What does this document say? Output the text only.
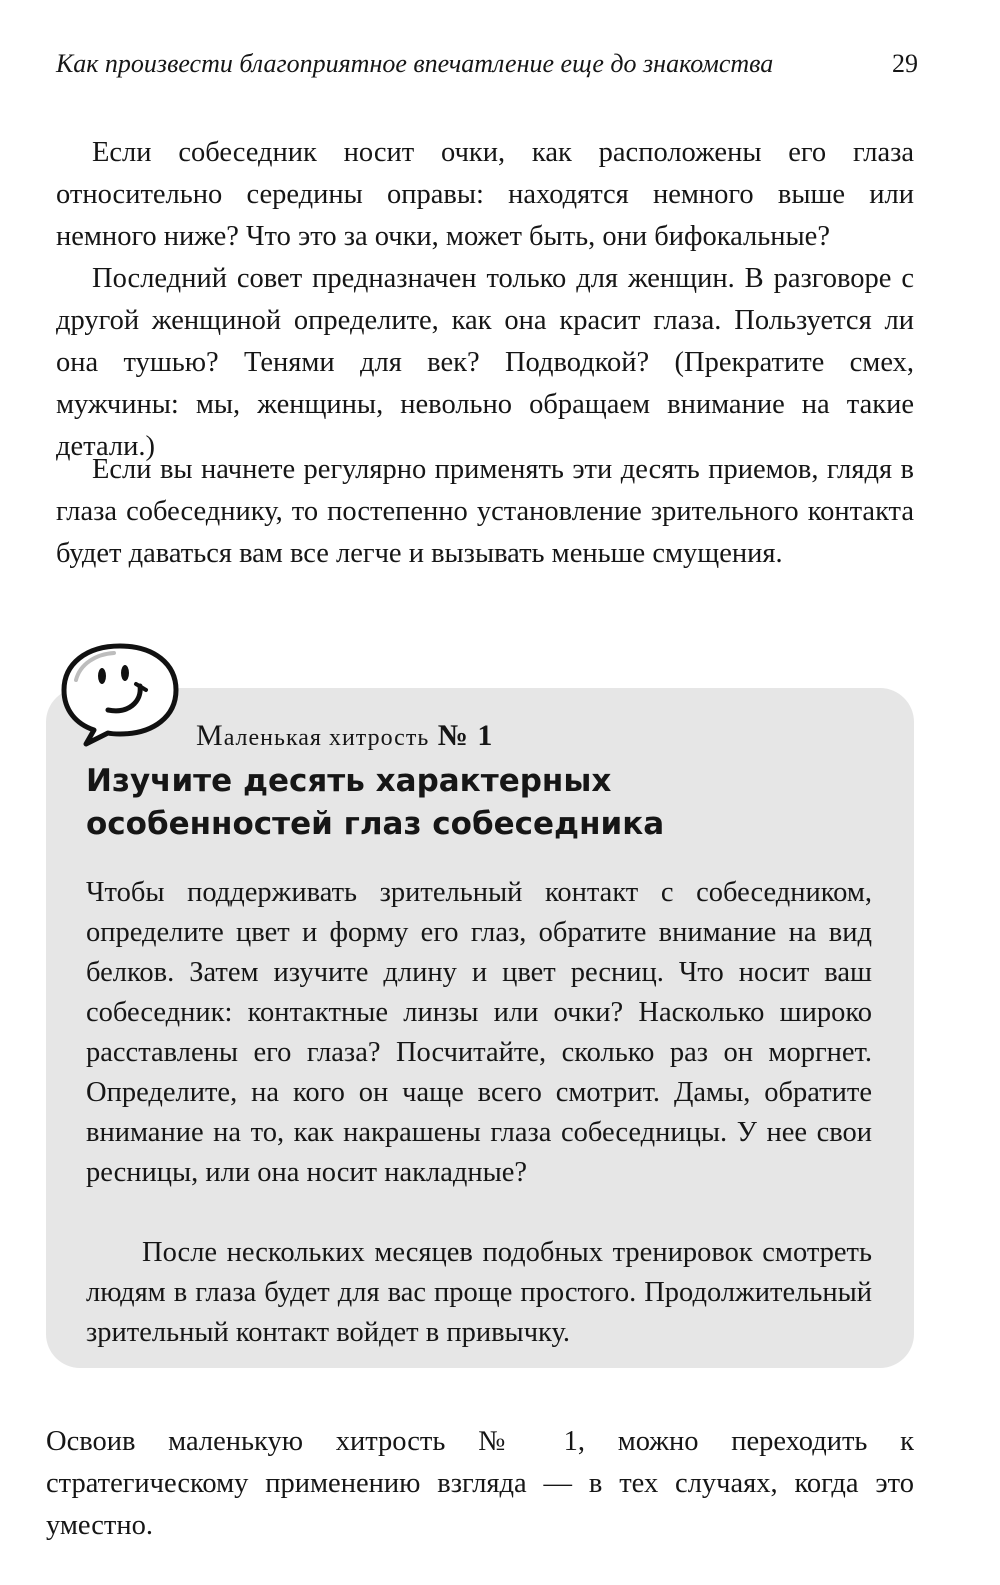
Как произвести благоприятное впечатление еще до знакомства	29

Если собеседник носит очки, как расположены его глаза относительно середины оправы: находятся немного выше или немного ниже? Что это за очки, может быть, они бифокальные?

Последний совет предназначен только для женщин. В разговоре с другой женщиной определите, как она красит глаза. Пользуется ли она тушью? Тенями для век? Подводкой? (Прекратите смех, мужчины: мы, женщины, невольно обращаем внимание на такие детали.)

Если вы начнете регулярно применять эти десять приемов, глядя в глаза собеседнику, то постепенно установление зрительного контакта будет даваться вам все легче и вызывать меньше смущения.

Маленькая хитрость № 1
Изучите десять характерных
особенностей глаз собеседника

Чтобы поддерживать зрительный контакт с собеседником, определите цвет и форму его глаз, обратите внимание на вид белков. Затем изучите длину и цвет ресниц. Что носит ваш собеседник: контактные линзы или очки? Насколько широко расставлены его глаза? Посчитайте, сколько раз он моргнет. Определите, на кого он чаще всего смотрит. Дамы, обратите внимание на то, как накрашены глаза собеседницы. У нее свои ресницы, или она носит накладные?

После нескольких месяцев подобных тренировок смотреть людям в глаза будет для вас проще простого. Продолжительный зрительный контакт войдет в привычку.

Освоив маленькую хитрость № 1, можно переходить к стратегическому применению взгляда — в тех случаях, когда это уместно.
